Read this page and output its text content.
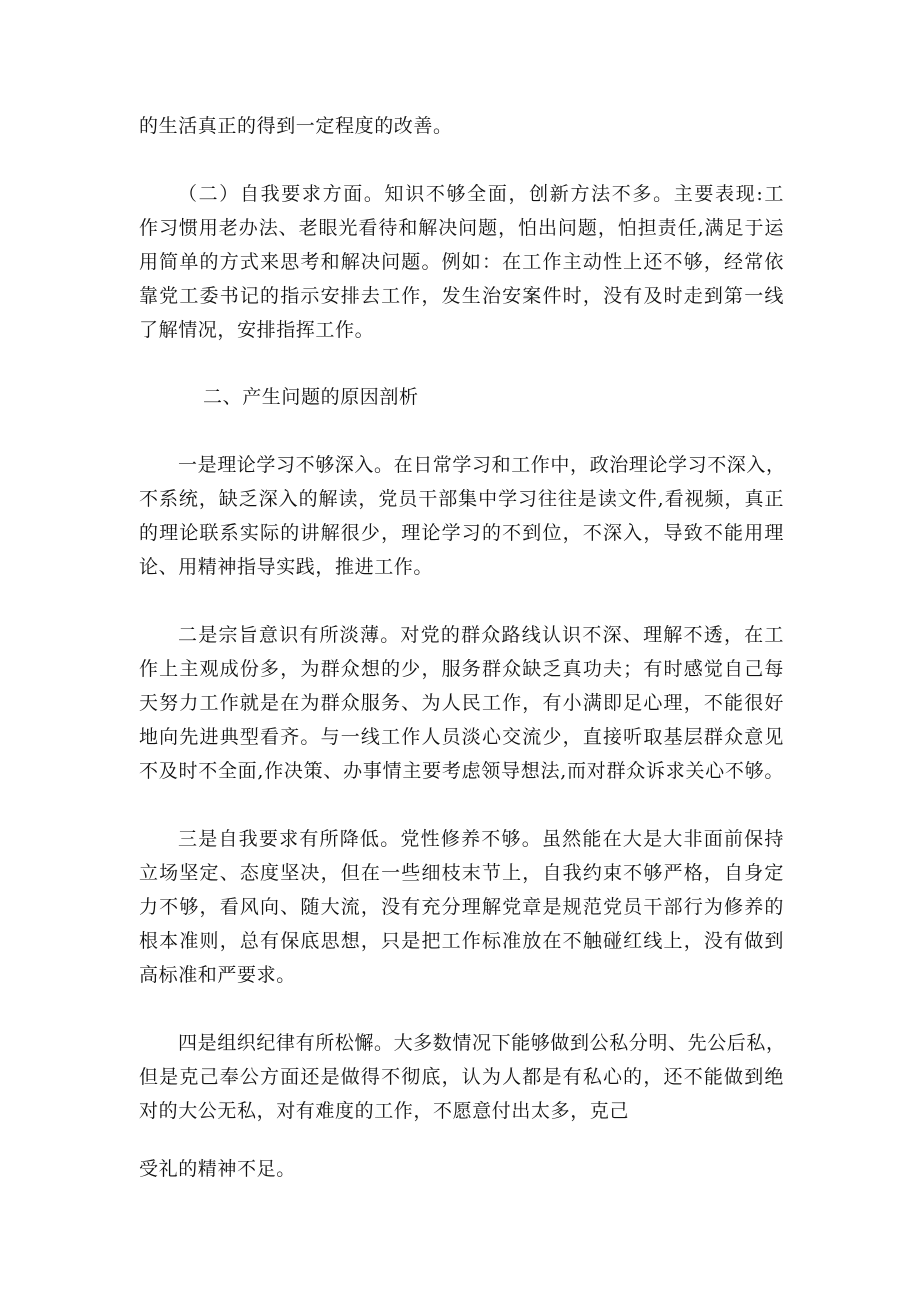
的生活真正的得到一定程度的改善。
（二）自我要求方面。知识不够全面，创新方法不多。主要表现:工
作习惯用老办法、老眼光看待和解决问题，怕出问题，怕担责任,满足于运
用简单的方式来思考和解决问题。例如：在工作主动性上还不够，经常依
靠党工委书记的指示安排去工作，发生治安案件时，没有及时走到第一线
了解情况，安排指挥工作。
二、产生问题的原因剖析
一是理论学习不够深入。在日常学习和工作中，政治理论学习不深入，
不系统，缺乏深入的解读，党员干部集中学习往往是读文件,看视频，真正
的理论联系实际的讲解很少，理论学习的不到位，不深入，导致不能用理
论、用精神指导实践，推进工作。
二是宗旨意识有所淡薄。对党的群众路线认识不深、理解不透，在工
作上主观成份多，为群众想的少，服务群众缺乏真功夫；有时感觉自己每
天努力工作就是在为群众服务、为人民工作，有小满即足心理，不能很好
地向先进典型看齐。与一线工作人员淡心交流少，直接听取基层群众意见
不及时不全面,作决策、办事情主要考虑领导想法,而对群众诉求关心不够。
三是自我要求有所降低。党性修养不够。虽然能在大是大非面前保持
立场坚定、态度坚决，但在一些细枝末节上，自我约束不够严格，自身定
力不够，看风向、随大流，没有充分理解党章是规范党员干部行为修养的
根本准则，总有保底思想，只是把工作标准放在不触碰红线上，没有做到
高标准和严要求。
四是组织纪律有所松懈。大多数情况下能够做到公私分明、先公后私，
但是克己奉公方面还是做得不彻底，认为人都是有私心的，还不能做到绝
对的大公无私，对有难度的工作，不愿意付出太多，克己
受礼的精神不足。
